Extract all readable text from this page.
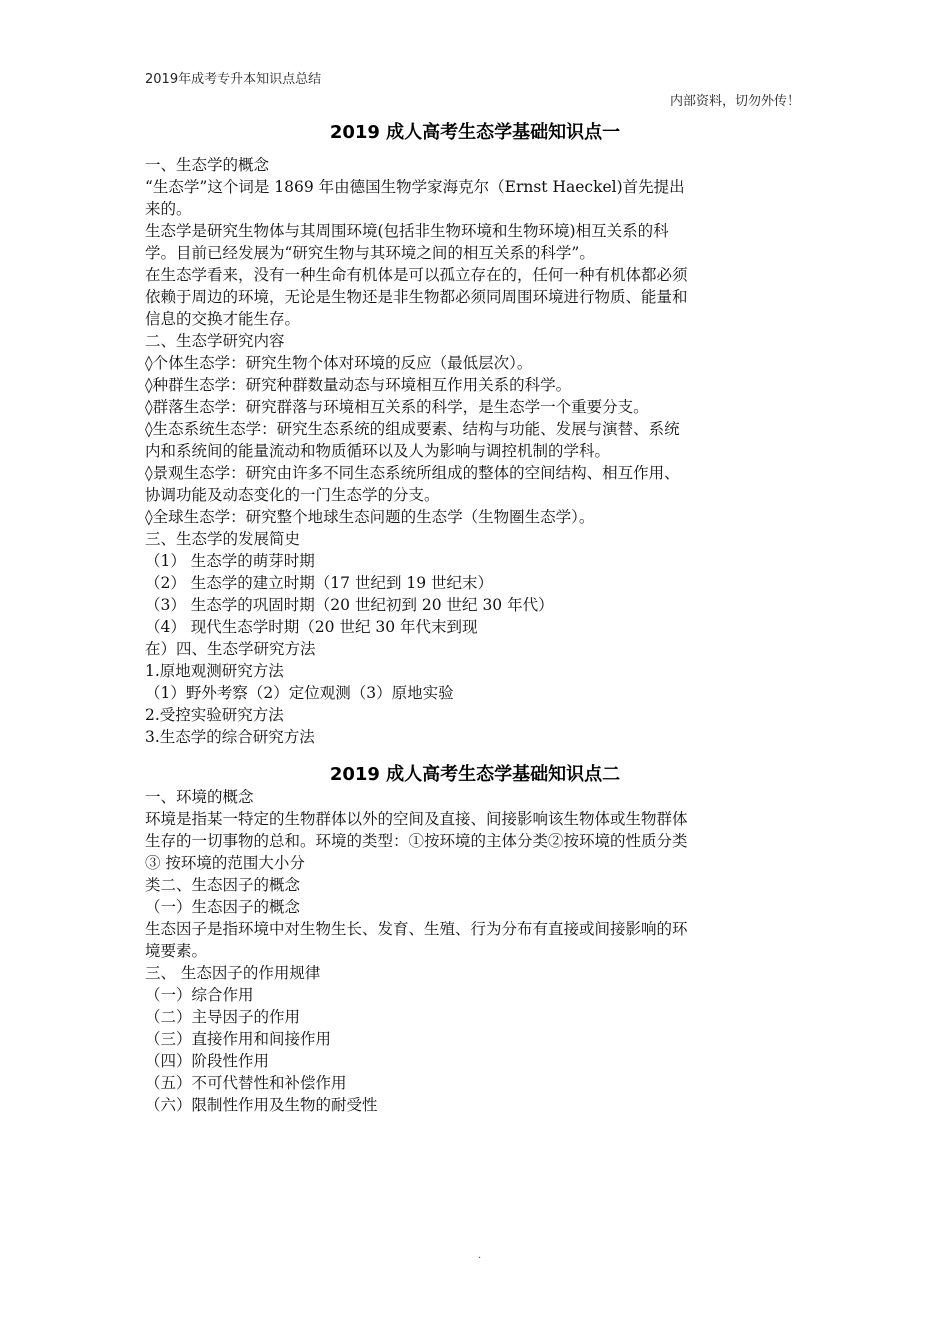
2019年成考专升本知识点总结
内部资料，切勿外传！
2019 成人高考生态学基础知识点一

一、生态学的概念

“生态学”这个词是 1869 年由德国生物学家海克尔（Ernst Haeckel)首先提出

来的。

生态学是研究生物体与其周围环境(包括非生物环境和生物环境)相互关系的科

学。目前已经发展为“研究生物与其环境之间的相互关系的科学”。

在生态学看来，没有一种生命有机体是可以孤立存在的，任何一种有机体都必须

依赖于周边的环境，无论是生物还是非生物都必须同周围环境进行物质、能量和

信息的交换才能生存。

二、生态学研究内容

◊个体生态学：研究生物个体对环境的反应（最低层次）。

◊种群生态学：研究种群数量动态与环境相互作用关系的科学。

◊群落生态学：研究群落与环境相互关系的科学，是生态学一个重要分支。

◊生态系统生态学：研究生态系统的组成要素、结构与功能、发展与演替、系统

内和系统间的能量流动和物质循环以及人为影响与调控机制的学科。

◊景观生态学：研究由许多不同生态系统所组成的整体的空间结构、相互作用、

协调功能及动态变化的一门生态学的分支。

◊全球生态学：研究整个地球生态问题的生态学（生物圈生态学）。

三、生态学的发展简史

（1） 生态学的萌芽时期

（2） 生态学的建立时期（17 世纪到 19 世纪末）

（3） 生态学的巩固时期（20 世纪初到 20 世纪 30 年代）

（4） 现代生态学时期（20 世纪 30 年代末到现

在）四、生态学研究方法

1.原地观测研究方法

（1）野外考察（2）定位观测（3）原地实验

2.受控实验研究方法

3.生态学的综合研究方法

2019 成人高考生态学基础知识点二

一、环境的概念

环境是指某一特定的生物群体以外的空间及直接、间接影响该生物体或生物群体

生存的一切事物的总和。环境的类型：①按环境的主体分类②按环境的性质分类

③ 按环境的范围大小分

类二、生态因子的概念

（一）生态因子的概念

生态因子是指环境中对生物生长、发育、生殖、行为分布有直接或间接影响的环

境要素。

三、 生态因子的作用规律

（一）综合作用

（二）主导因子的作用

（三）直接作用和间接作用

（四）阶段性作用

（五）不可代替性和补偿作用

（六）限制性作用及生物的耐受性

.
